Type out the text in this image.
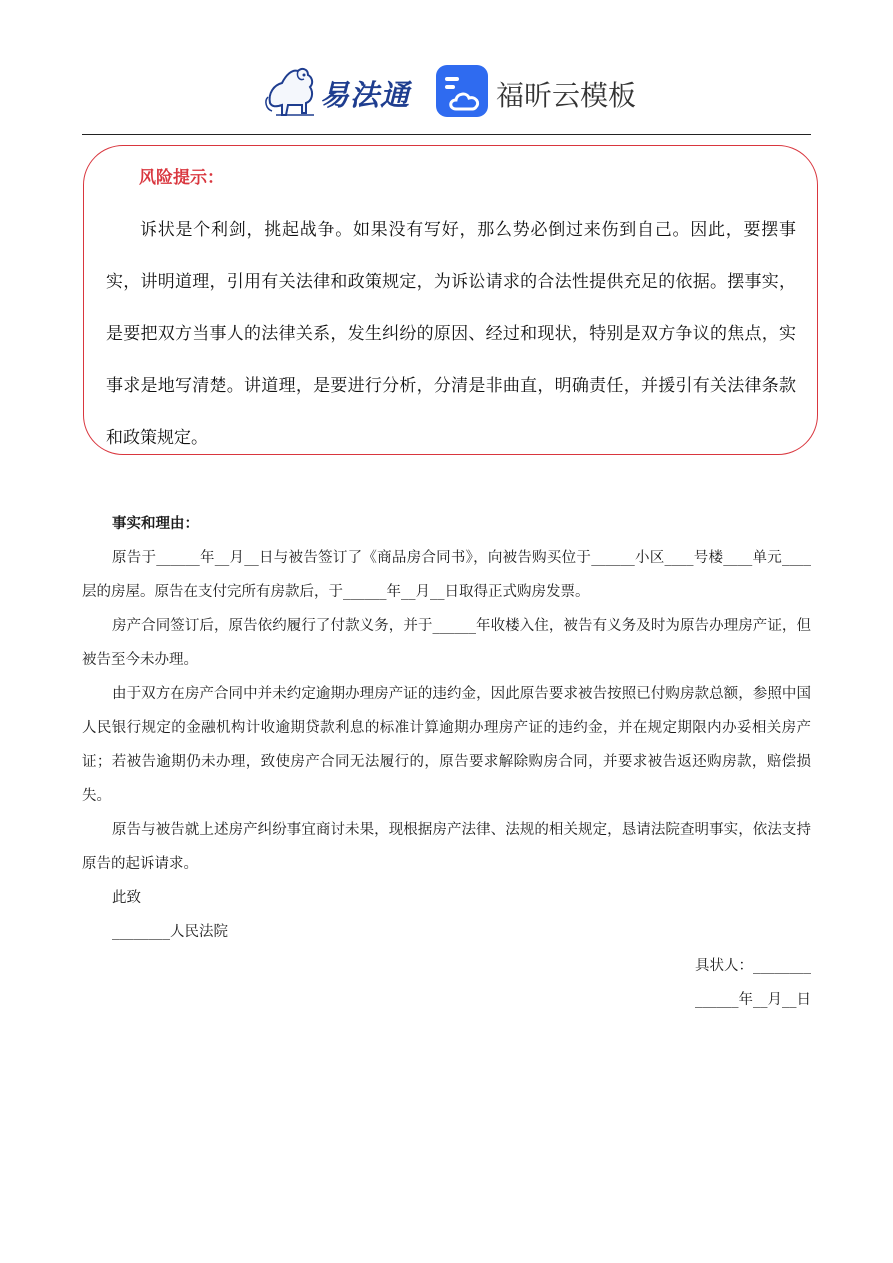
易法通	福昕云模板
风险提示：
诉状是个利剑，挑起战争。如果没有写好，那么势必倒过来伤到自己。因此，要摆事实，讲明道理，引用有关法律和政策规定，为诉讼请求的合法性提供充足的依据。摆事实，是要把双方当事人的法律关系，发生纠纷的原因、经过和现状，特别是双方争议的焦点，实事求是地写清楚。讲道理，是要进行分析，分清是非曲直，明确责任，并援引有关法律条款和政策规定。
事实和理由：

原告于______年__月__日与被告签订了《商品房合同书》，向被告购买位于______小区____号楼____单元____层的房屋。原告在支付完所有房款后，于______年__月__日取得正式购房发票。

房产合同签订后，原告依约履行了付款义务，并于______年收楼入住，被告有义务及时为原告办理房产证，但被告至今未办理。

由于双方在房产合同中并未约定逾期办理房产证的违约金，因此原告要求被告按照已付购房款总额，参照中国人民银行规定的金融机构计收逾期贷款利息的标准计算逾期办理房产证的违约金，并在规定期限内办妥相关房产证；若被告逾期仍未办理，致使房产合同无法履行的，原告要求解除购房合同，并要求被告返还购房款，赔偿损失。

原告与被告就上述房产纠纷事宜商讨未果，现根据房产法律、法规的相关规定，恳请法院查明事实，依法支持原告的起诉请求。

此致
________人民法院
具状人：________
______年__月__日
